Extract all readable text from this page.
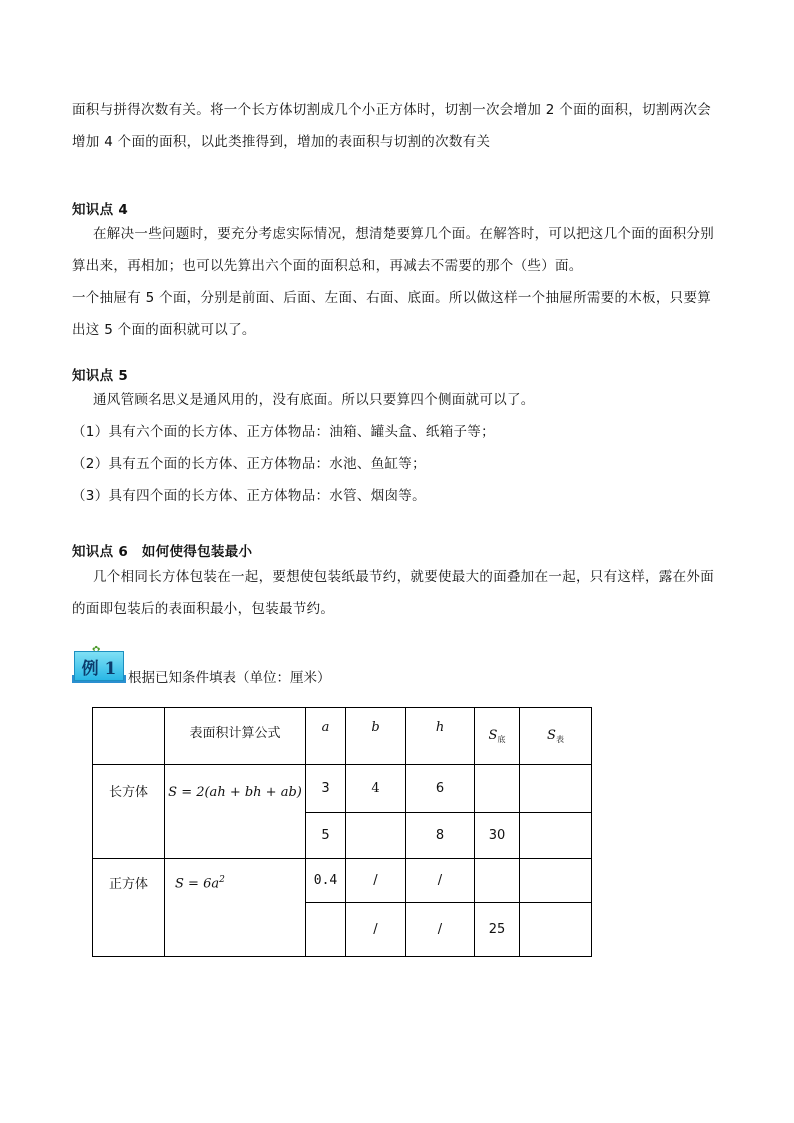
面积与拼得次数有关。将一个长方体切割成几个小正方体时，切割一次会增加 2 个面的面积，切割两次会
增加 4 个面的面积，以此类推得到，增加的表面积与切割的次数有关
知识点 4
在解决一些问题时，要充分考虑实际情况，想清楚要算几个面。在解答时，可以把这几个面的面积分别
算出来，再相加；也可以先算出六个面的面积总和，再减去不需要的那个（些）面。
一个抽屉有 5 个面，分别是前面、后面、左面、右面、底面。所以做这样一个抽屉所需要的木板，只要算
出这 5 个面的面积就可以了。
知识点 5
通风管顾名思义是通风用的，没有底面。所以只要算四个侧面就可以了。
（1）具有六个面的长方体、正方体物品：油箱、罐头盒、纸箱子等；
（2）具有五个面的长方体、正方体物品：水池、鱼缸等；
（3）具有四个面的长方体、正方体物品：水管、烟囱等。
知识点 6　如何使得包装最小
几个相同长方体包装在一起，要想使包装纸最节约，就要使最大的面叠加在一起，只有这样，露在外面
的面即包装后的表面积最小，包装最节约。
例 1 根据已知条件填表（单位：厘米）
	表面积计算公式	a	b	h	$S_底$	$S_表$
长方体	S = 2(ah + bh + ab)	3	4	6		
		5		8	30	
正方体	$S = 6a^2$	0.4	/	/		
			/	/	25	
